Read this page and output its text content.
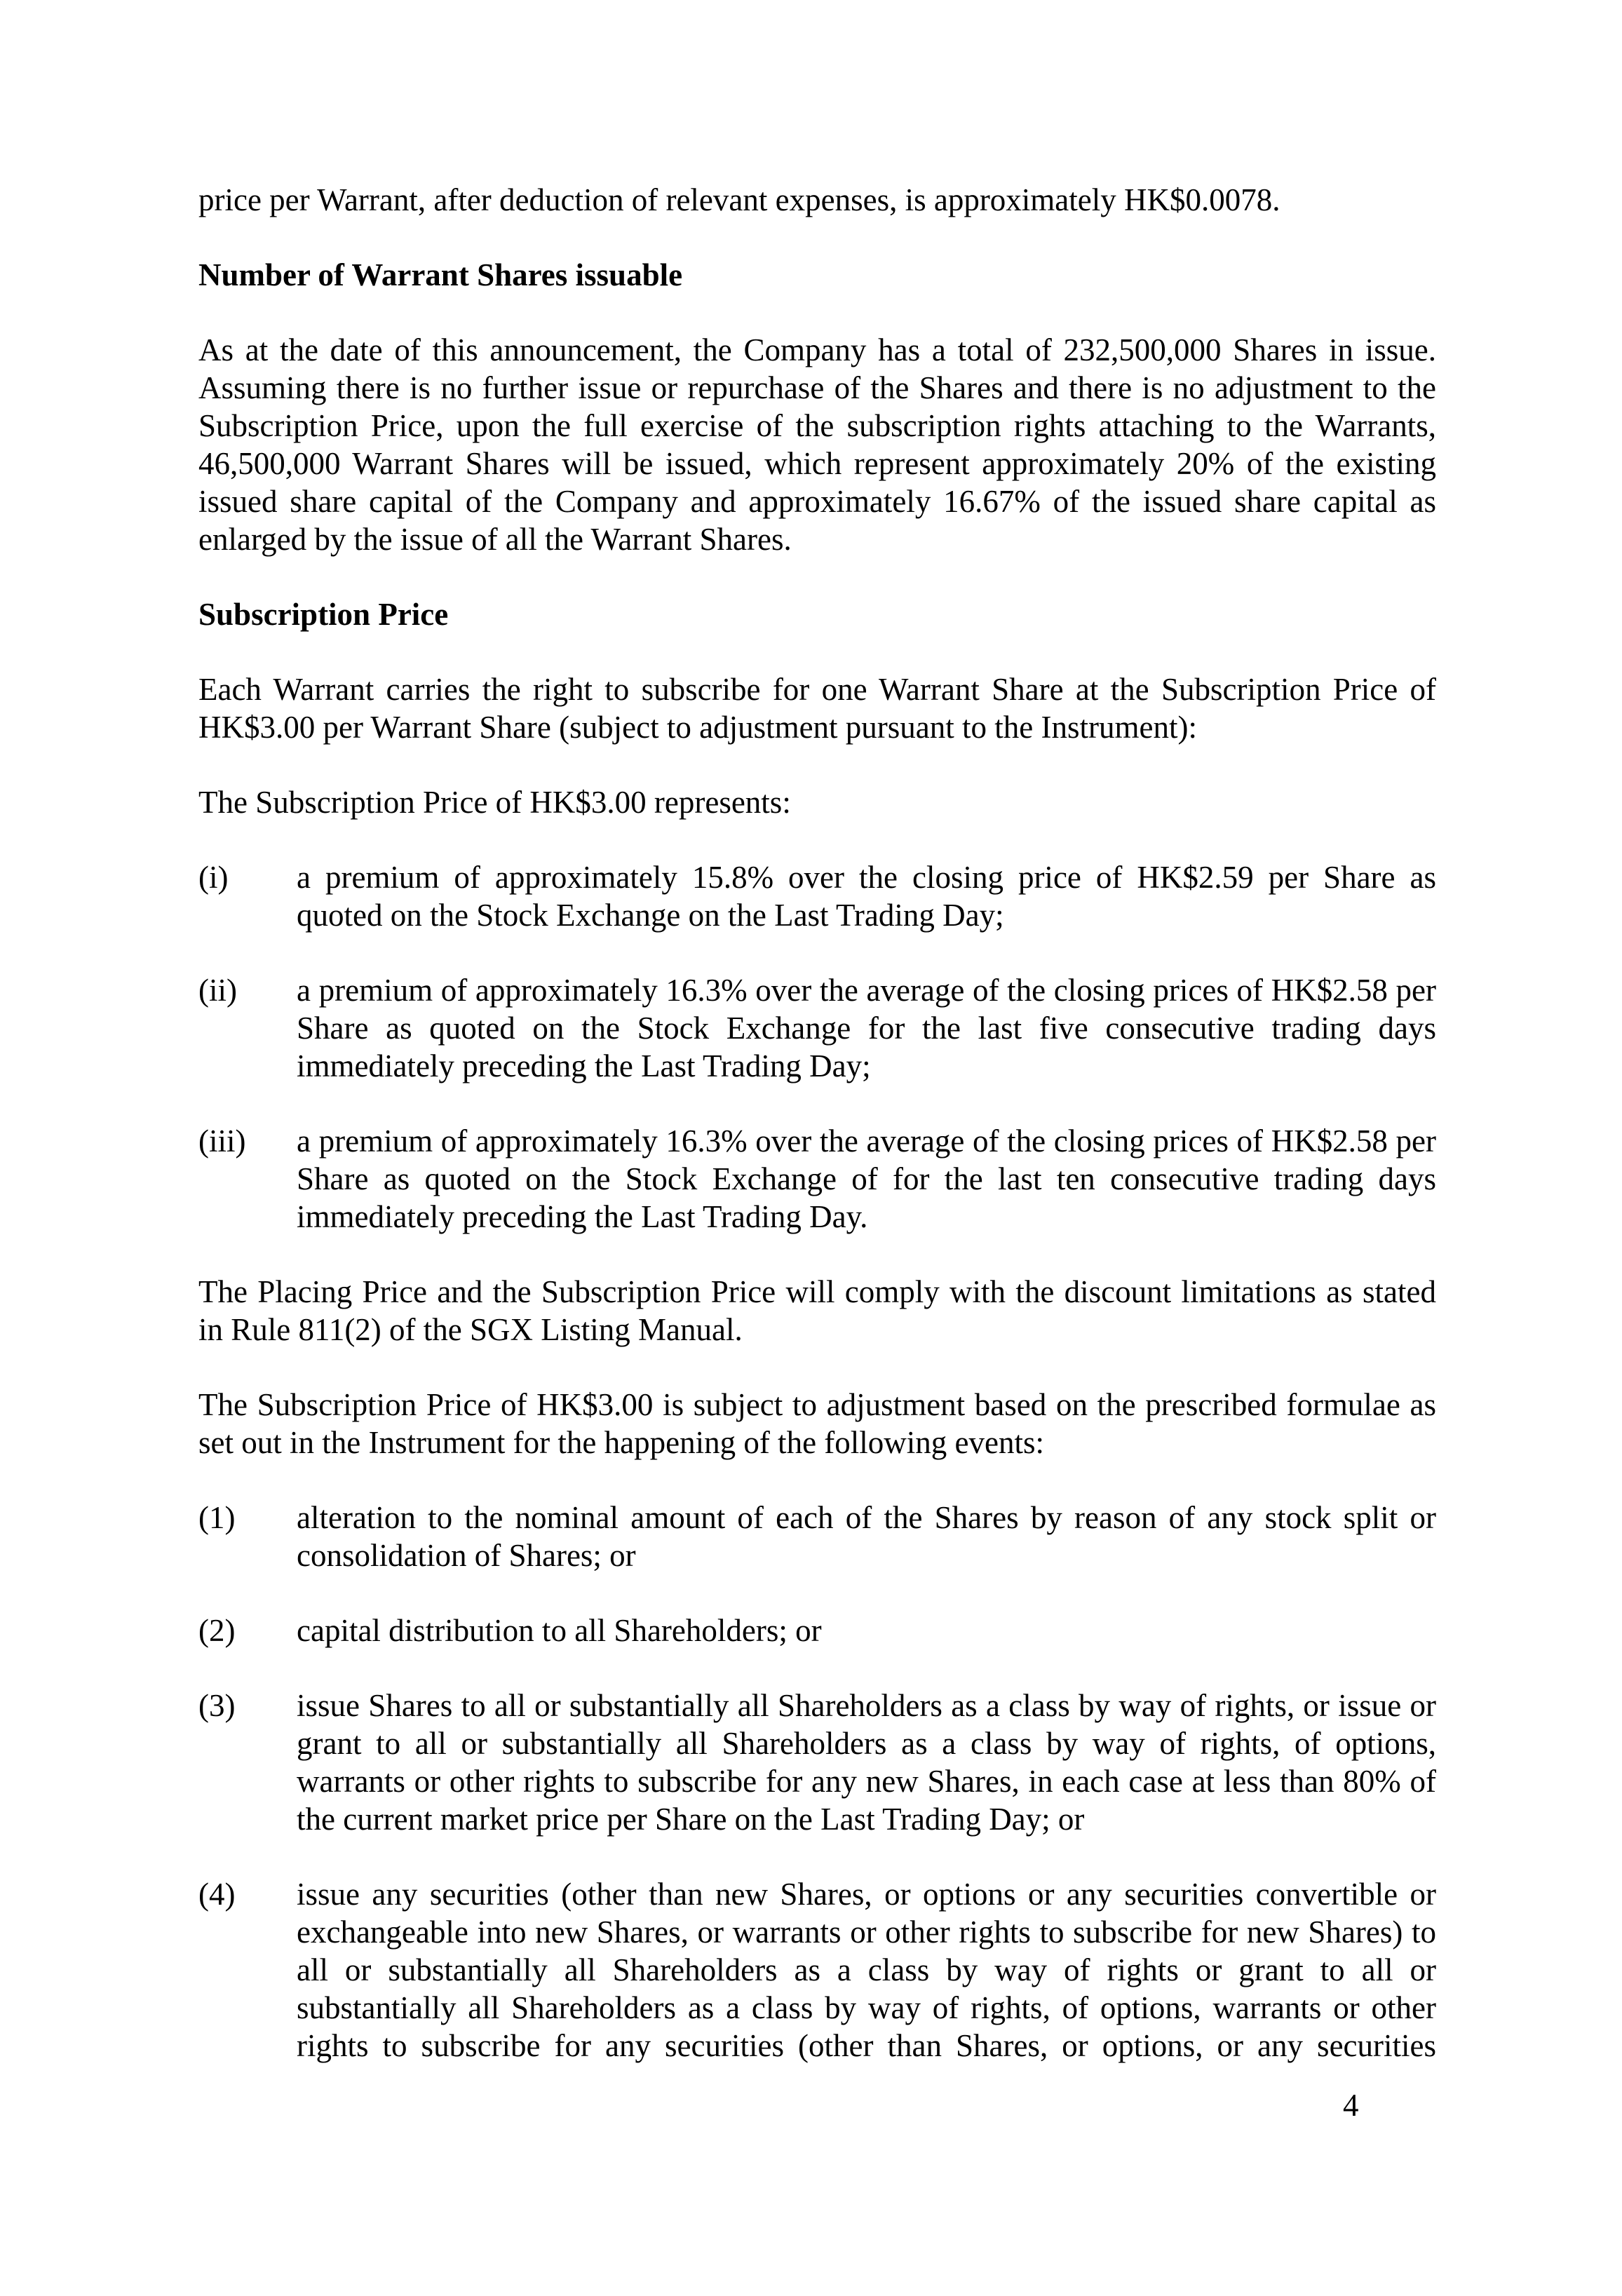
price per Warrant, after deduction of relevant expenses, is approximately HK$0.0078.

Number of Warrant Shares issuable

As at the date of this announcement, the Company has a total of 232,500,000 Shares in issue. Assuming there is no further issue or repurchase of the Shares and there is no adjustment to the Subscription Price, upon the full exercise of the subscription rights attaching to the Warrants, 46,500,000 Warrant Shares will be issued, which represent approximately 20% of the existing issued share capital of the Company and approximately 16.67% of the issued share capital as enlarged by the issue of all the Warrant Shares.

Subscription Price

Each Warrant carries the right to subscribe for one Warrant Share at the Subscription Price of HK$3.00 per Warrant Share (subject to adjustment pursuant to the Instrument):

The Subscription Price of HK$3.00 represents:

(i)	a premium of approximately 15.8% over the closing price of HK$2.59 per Share as quoted on the Stock Exchange on the Last Trading Day;
(ii)	a premium of approximately 16.3% over the average of the closing prices of HK$2.58 per Share as quoted on the Stock Exchange for the last five consecutive trading days immediately preceding the Last Trading Day;
(iii)	a premium of approximately 16.3% over the average of the closing prices of HK$2.58 per Share as quoted on the Stock Exchange of for the last ten consecutive trading days immediately preceding the Last Trading Day.

The Placing Price and the Subscription Price will comply with the discount limitations as stated in Rule 811(2) of the SGX Listing Manual.

The Subscription Price of HK$3.00 is subject to adjustment based on the prescribed formulae as set out in the Instrument for the happening of the following events:

(1)	alteration to the nominal amount of each of the Shares by reason of any stock split or consolidation of Shares; or
(2)	capital distribution to all Shareholders; or
(3)	issue Shares to all or substantially all Shareholders as a class by way of rights, or issue or grant to all or substantially all Shareholders as a class by way of rights, of options, warrants or other rights to subscribe for any new Shares, in each case at less than 80% of the current market price per Share on the Last Trading Day; or
(4)	issue any securities (other than new Shares, or options or any securities convertible or exchangeable into new Shares, or warrants or other rights to subscribe for new Shares) to all or substantially all Shareholders as a class by way of rights or grant to all or substantially all Shareholders as a class by way of rights, of options, warrants or other rights to subscribe for any securities (other than Shares, or options, or any securities
4
